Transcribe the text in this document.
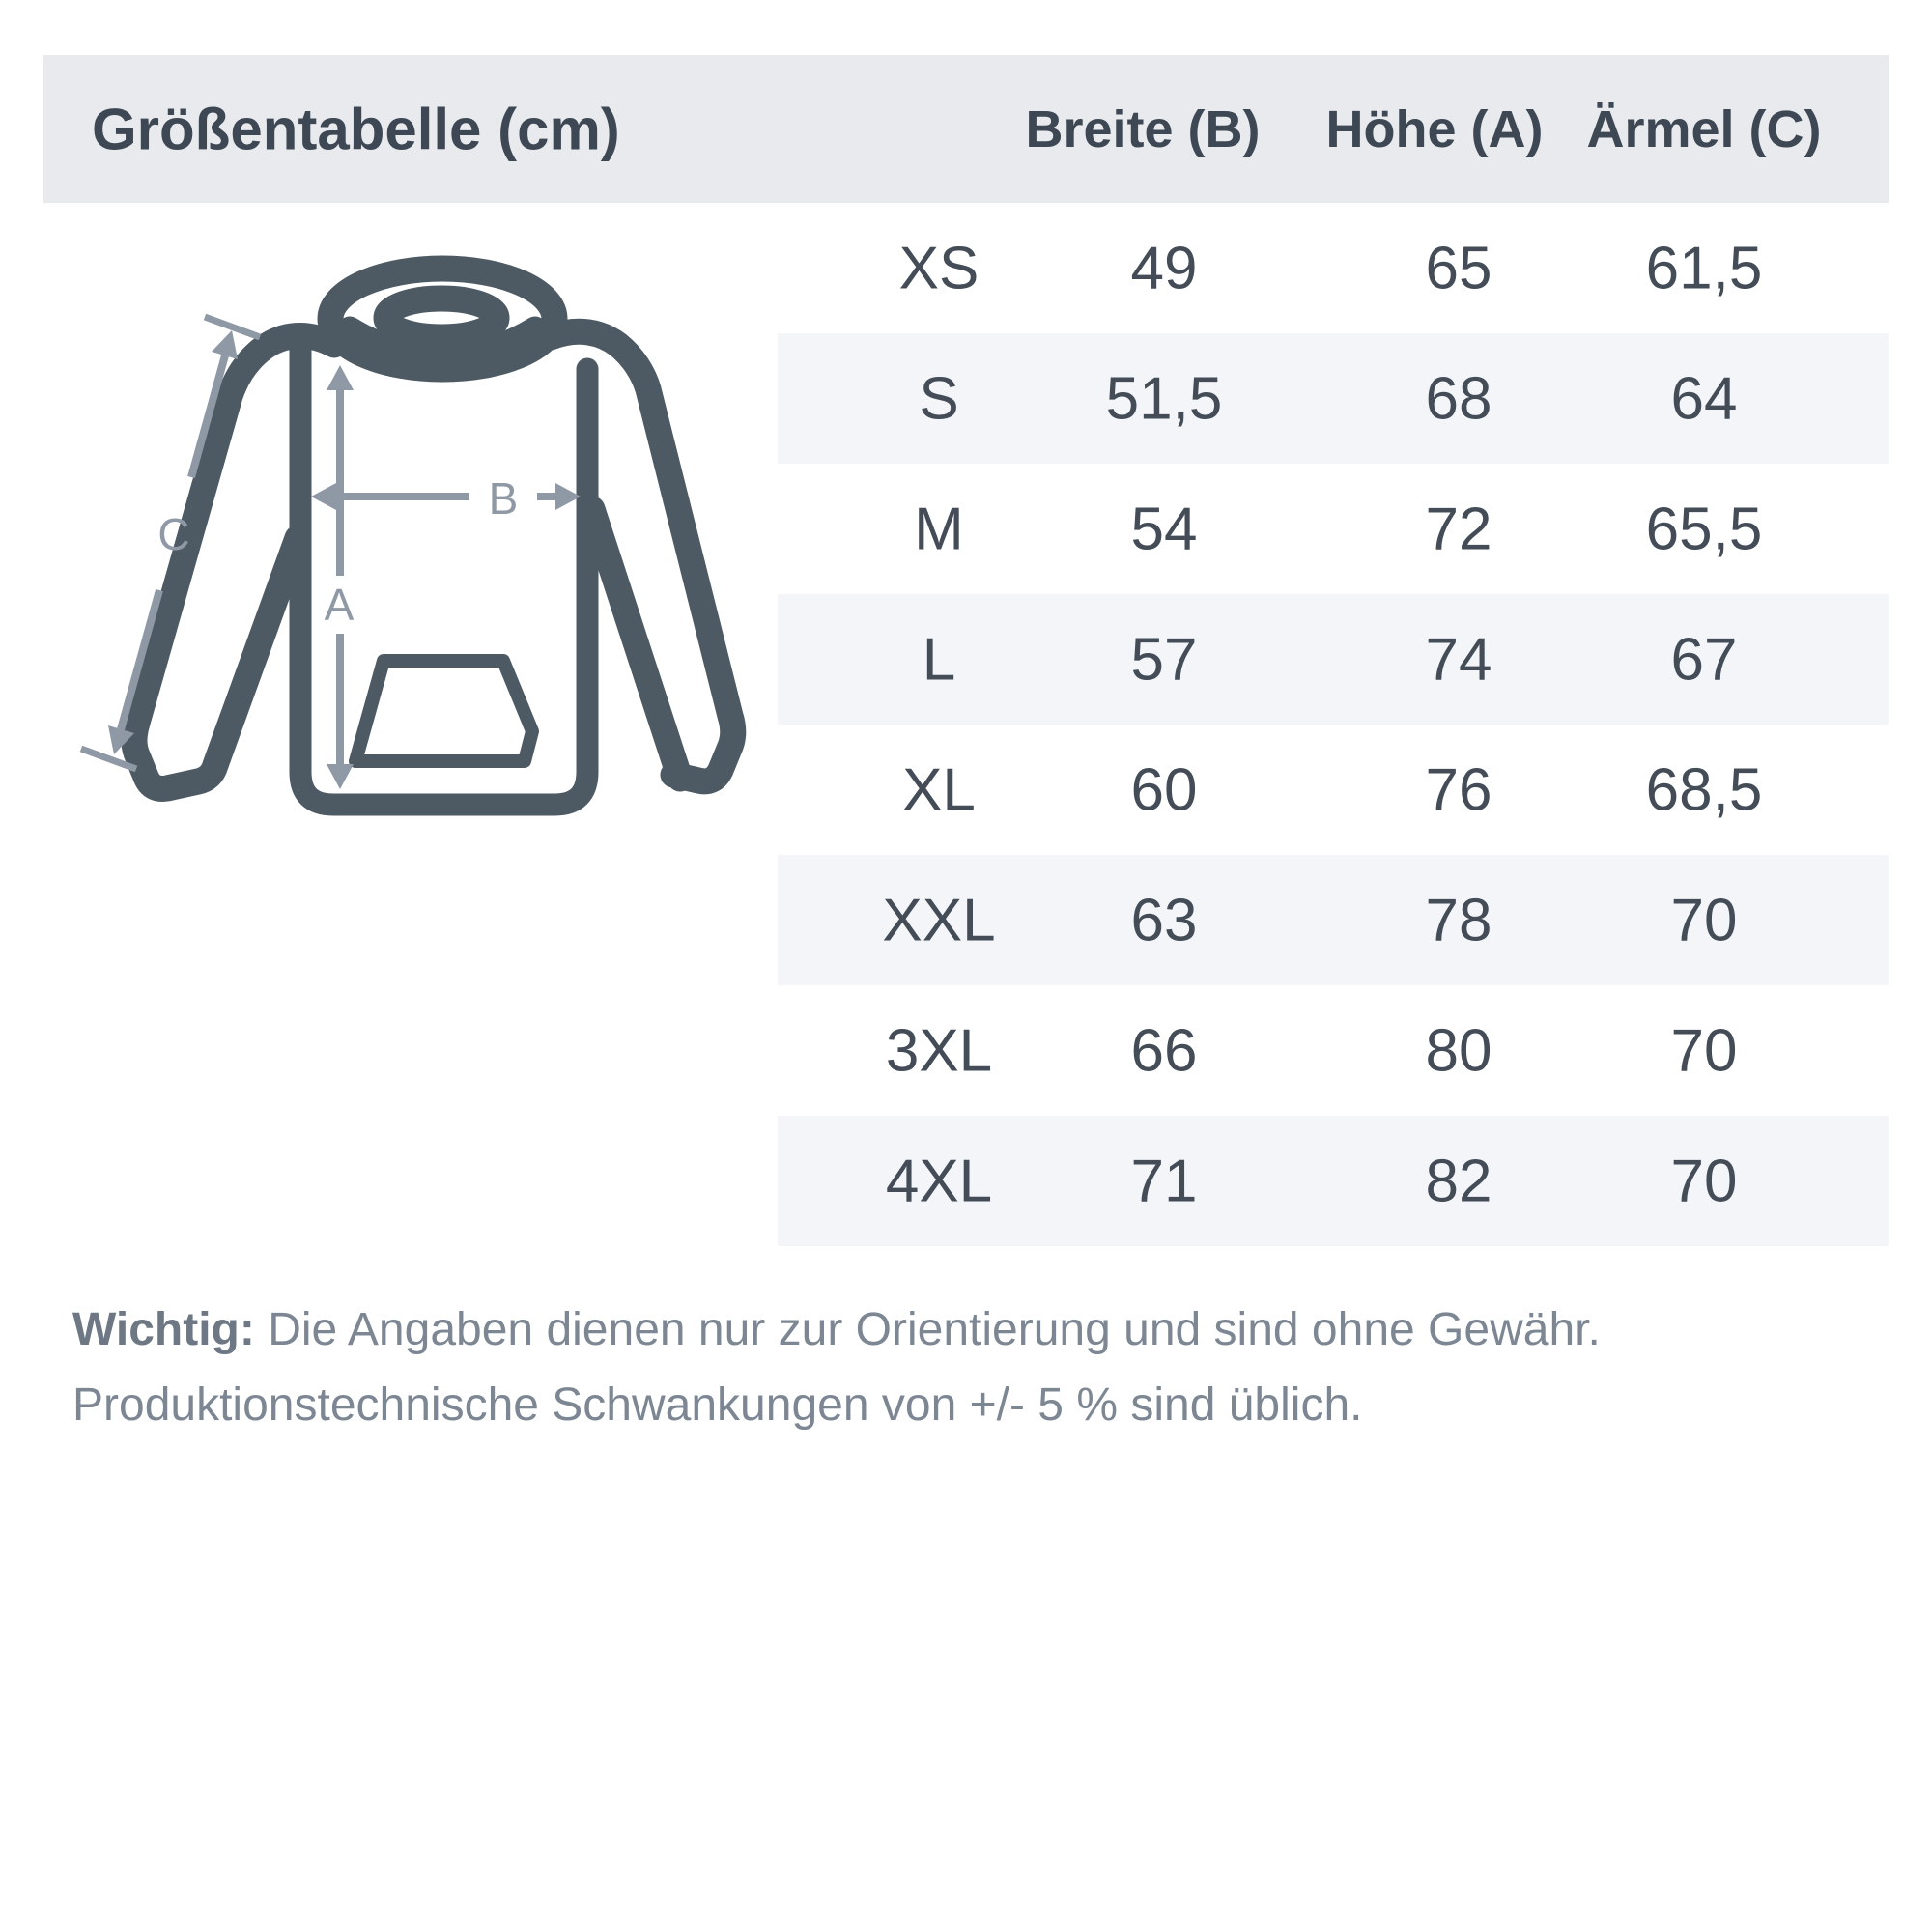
Größentabelle (cm)	Breite (B) Höhe (A) Ärmel (C)
XS	49	65	61,5
S 51,5	68	64
M	54	72	65,5
L	57	74	67
XL	60	76	68,5
XXL 63	78	70
3XL 66	80	70
4XL 71	82	70
A
B
C
Wichtig: Die Angaben dienen nur zur Orientierung und sind ohne Gewähr.
Produktionstechnische Schwankungen von +/- 5 % sind üblich.
